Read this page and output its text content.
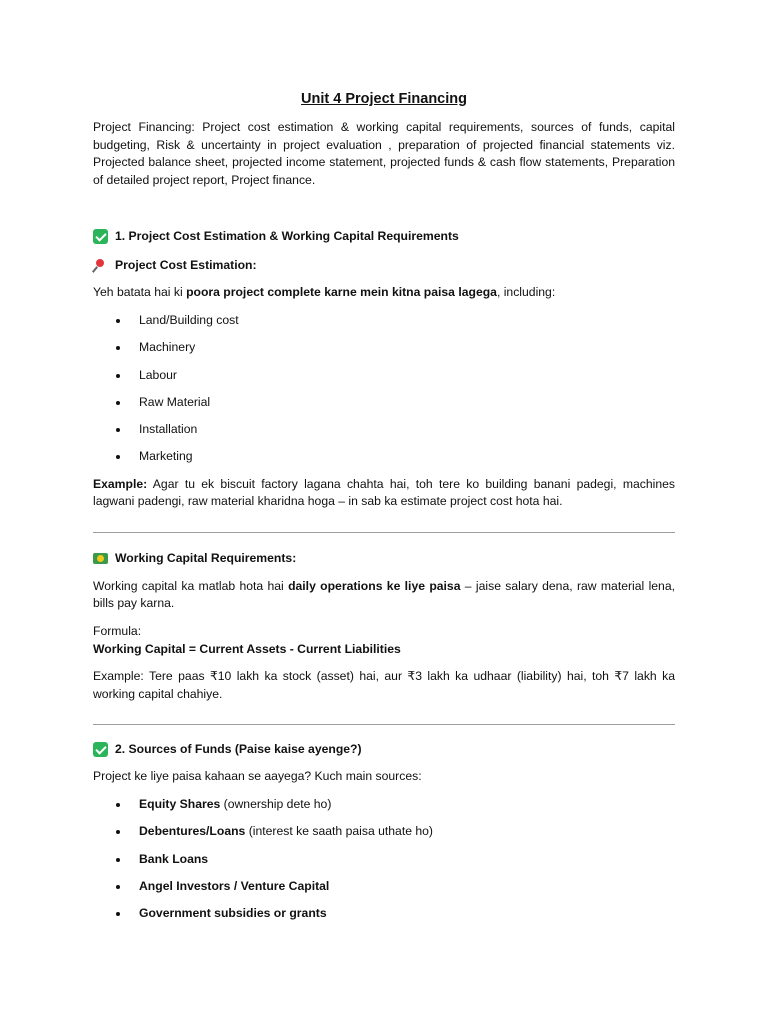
Unit 4 Project Financing

Project Financing: Project cost estimation & working capital requirements, sources of funds, capital budgeting, Risk & uncertainty in project evaluation , preparation of projected financial statements viz. Projected balance sheet, projected income statement, projected funds & cash flow statements, Preparation of detailed project report, Project finance.

1. Project Cost Estimation & Working Capital Requirements
Project Cost Estimation:

Yeh batata hai ki poora project complete karne mein kitna paisa lagega, including:

Land/Building cost
Machinery
Labour
Raw Material
Installation
Marketing

Example: Agar tu ek biscuit factory lagana chahta hai, toh tere ko building banani padegi, machines lagwani padengi, raw material kharidna hoga – in sab ka estimate project cost hota hai.

Working Capital Requirements:

Working capital ka matlab hota hai daily operations ke liye paisa – jaise salary dena, raw material lena, bills pay karna.

Formula:

Working Capital = Current Assets - Current Liabilities

Example: Tere paas ₹10 lakh ka stock (asset) hai, aur ₹3 lakh ka udhaar (liability) hai, toh ₹7 lakh ka working capital chahiye.

2. Sources of Funds (Paise kaise ayenge?)

Project ke liye paisa kahaan se aayega? Kuch main sources:

Equity Shares (ownership dete ho)
Debentures/Loans (interest ke saath paisa uthate ho)
Bank Loans
Angel Investors / Venture Capital
Government subsidies or grants
